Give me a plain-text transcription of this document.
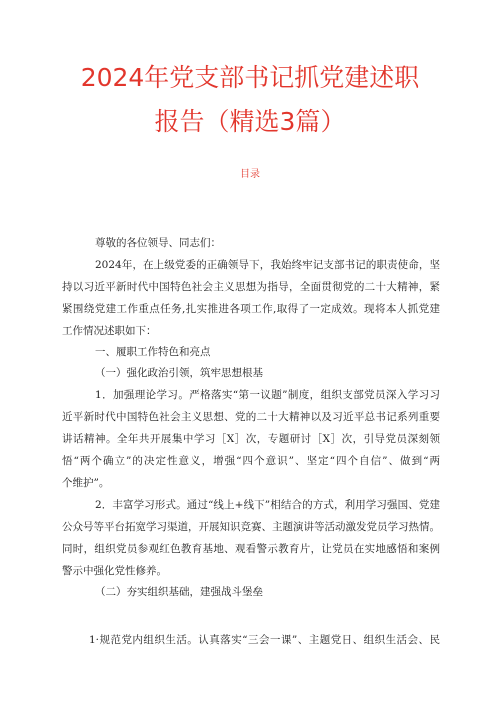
2024年党支部书记抓党建述职
报告（精选3篇）
目录
尊敬的各位领导、同志们：
2024年，在上级党委的正确领导下，我始终牢记支部书记的职责使命，坚
持以习近平新时代中国特色社会主义思想为指导，全面贯彻党的二十大精神，紧
紧围绕党建工作重点任务,扎实推进各项工作,取得了一定成效。现将本人抓党建
工作情况述职如下：
一、履职工作特色和亮点
（一）强化政治引领，筑牢思想根基
1．加强理论学习。严格落实“第一议题”制度，组织支部党员深入学习习
近平新时代中国特色社会主义思想、党的二十大精神以及习近平总书记系列重要
讲话精神。全年共开展集中学习［X］次，专题研讨［X］次，引导党员深刻领
悟“两个确立”的决定性意义，增强“四个意识”、坚定“四个自信”、做到“两
个维护”。
2．丰富学习形式。通过“线上+线下”相结合的方式，利用学习强国、党建
公众号等平台拓宽学习渠道，开展知识竞赛、主题演讲等活动激发党员学习热情。
同时，组织党员参观红色教育基地、观看警示教育片，让党员在实地感悟和案例
警示中强化党性修养。
（二）夯实组织基础，建强战斗堡垒
1·规范党内组织生活。认真落实“三会一课”、主题党日、组织生活会、民
